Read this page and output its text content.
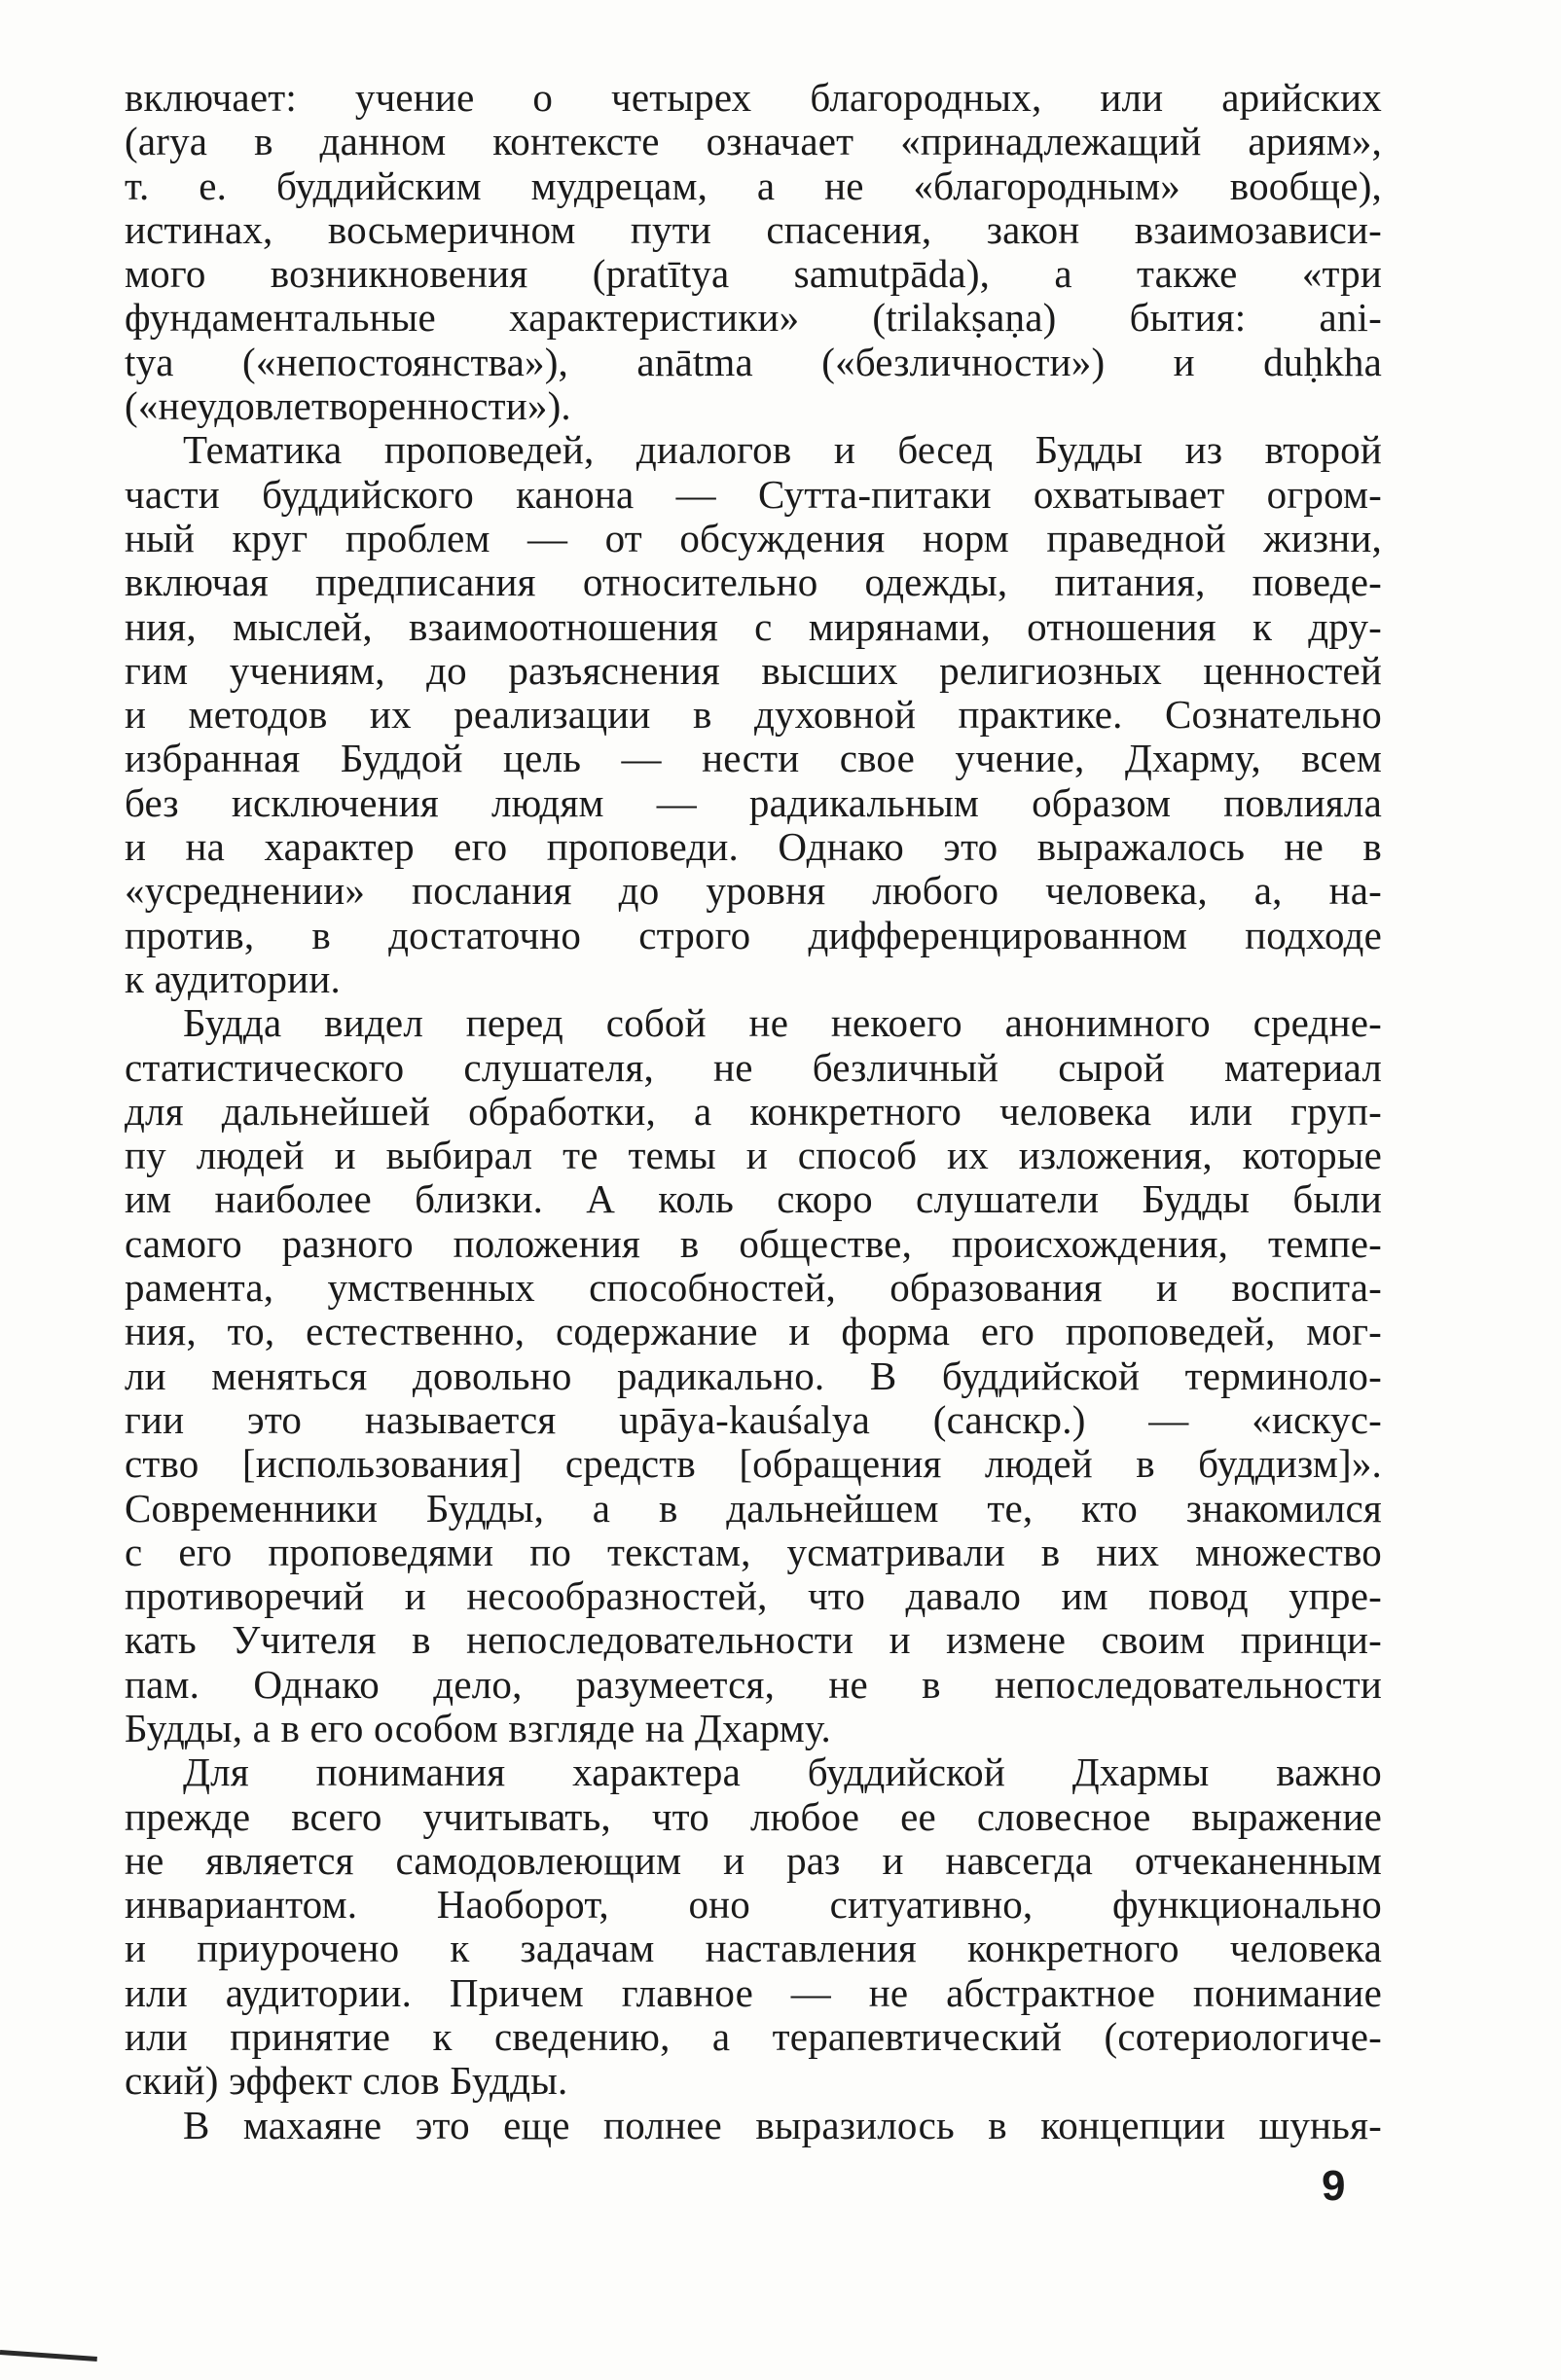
включает: учение о четырех благородных, или арийских
(arya в данном контексте означает «принадлежащий ариям»,
т. е. буддийским мудрецам, а не «благородным» вообще),
истинах, восьмеричном пути спасения, закон взаимозависи-
мого возникновения (pratītya samutpāda), а также «три
фундаментальные характеристики» (trilakṣaṇa) бытия: ani-
tya («непостоянства»), anātma («безличности») и duḥkha
(«неудовлетворенности»).
Тематика проповедей, диалогов и бесед Будды из второй
части буддийского канона — Сутта-питаки охватывает огром-
ный круг проблем — от обсуждения норм праведной жизни,
включая предписания относительно одежды, питания, поведе-
ния, мыслей, взаимоотношения с мирянами, отношения к дру-
гим учениям, до разъяснения высших религиозных ценностей
и методов их реализации в духовной практике. Сознательно
избранная Буддой цель — нести свое учение, Дхарму, всем
без исключения людям — радикальным образом повлияла
и на характер его проповеди. Однако это выражалось не в
«усреднении» послания до уровня любого человека, а, на-
против, в достаточно строго дифференцированном подходе
к аудитории.
Будда видел перед собой не некоего анонимного средне-
статистического слушателя, не безличный сырой материал
для дальнейшей обработки, а конкретного человека или груп-
пу людей и выбирал те темы и способ их изложения, которые
им наиболее близки. А коль скоро слушатели Будды были
самого разного положения в обществе, происхождения, темпе-
рамента, умственных способностей, образования и воспита-
ния, то, естественно, содержание и форма его проповедей, мог-
ли меняться довольно радикально. В буддийской терминоло-
гии это называется upāya-kauśalya (санскр.) — «искус-
ство [использования] средств [обращения людей в буддизм]».
Современники Будды, а в дальнейшем те, кто знакомился
с его проповедями по текстам, усматривали в них множество
противоречий и несообразностей, что давало им повод упре-
кать Учителя в непоследовательности и измене своим принци-
пам. Однако дело, разумеется, не в непоследовательности
Будды, а в его особом взгляде на Дхарму.
Для понимания характера буддийской Дхармы важно
прежде всего учитывать, что любое ее словесное выражение
не является самодовлеющим и раз и навсегда отчеканенным
инвариантом. Наоборот, оно ситуативно, функционально
и приурочено к задачам наставления конкретного человека
или аудитории. Причем главное — не абстрактное понимание
или принятие к сведению, а терапевтический (сотериологиче-
ский) эффект слов Будды.
В махаяне это еще полнее выразилось в концепции шунья-
9
